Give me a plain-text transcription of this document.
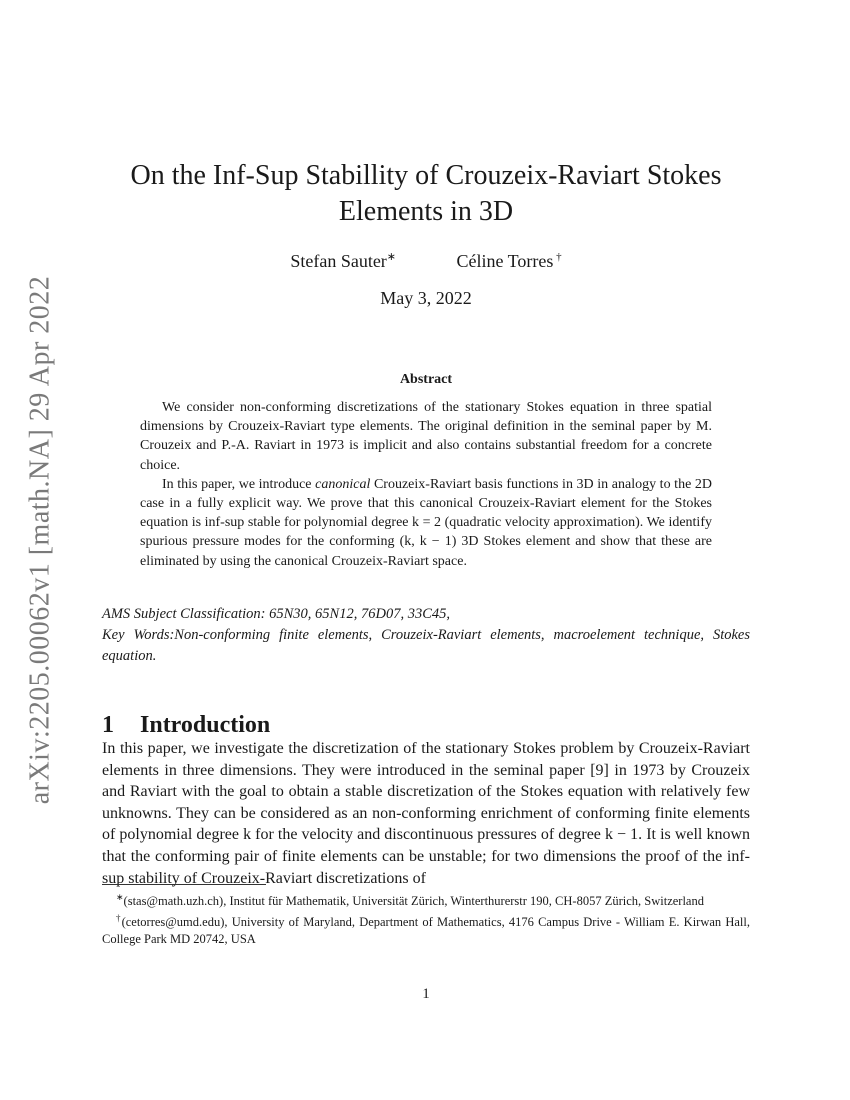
arXiv:2205.00062v1 [math.NA] 29 Apr 2022
On the Inf-Sup Stabillity of Crouzeix-Raviart Stokes
Elements in 3D
Stefan Sauter∗	Céline Torres †
May 3, 2022
Abstract

We consider non-conforming discretizations of the stationary Stokes equation in three spatial dimensions by Crouzeix-Raviart type elements. The original definition in the seminal paper by M. Crouzeix and P.-A. Raviart in 1973 is implicit and also contains substantial freedom for a concrete choice.

In this paper, we introduce canonical Crouzeix-Raviart basis functions in 3D in analogy to the 2D case in a fully explicit way. We prove that this canonical Crouzeix-Raviart element for the Stokes equation is inf-sup stable for polynomial degree k = 2 (quadratic velocity approximation). We identify spurious pressure modes for the conforming (k, k − 1) 3D Stokes element and show that these are eliminated by using the canonical Crouzeix-Raviart space.

AMS Subject Classification: 65N30, 65N12, 76D07, 33C45,

Key Words:Non-conforming finite elements, Crouzeix-Raviart elements, macroelement technique, Stokes equation.

1 Introduction

In this paper, we investigate the discretization of the stationary Stokes problem by Crouzeix-Raviart elements in three dimensions. They were introduced in the seminal paper [9] in 1973 by Crouzeix and Raviart with the goal to obtain a stable discretization of the Stokes equation with relatively few unknowns. They can be considered as an non-conforming enrichment of conforming finite elements of polynomial degree k for the velocity and discontinuous pressures of degree k − 1. It is well known that the conforming pair of finite elements can be unstable; for two dimensions the proof of the inf-sup stability of Crouzeix-Raviart discretizations of

∗(stas@math.uzh.ch), Institut für Mathematik, Universität Zürich, Winterthurerstr 190, CH-8057 Zürich, Switzerland

†(cetorres@umd.edu), University of Maryland, Department of Mathematics, 4176 Campus Drive - William E. Kirwan Hall, College Park MD 20742, USA

1
